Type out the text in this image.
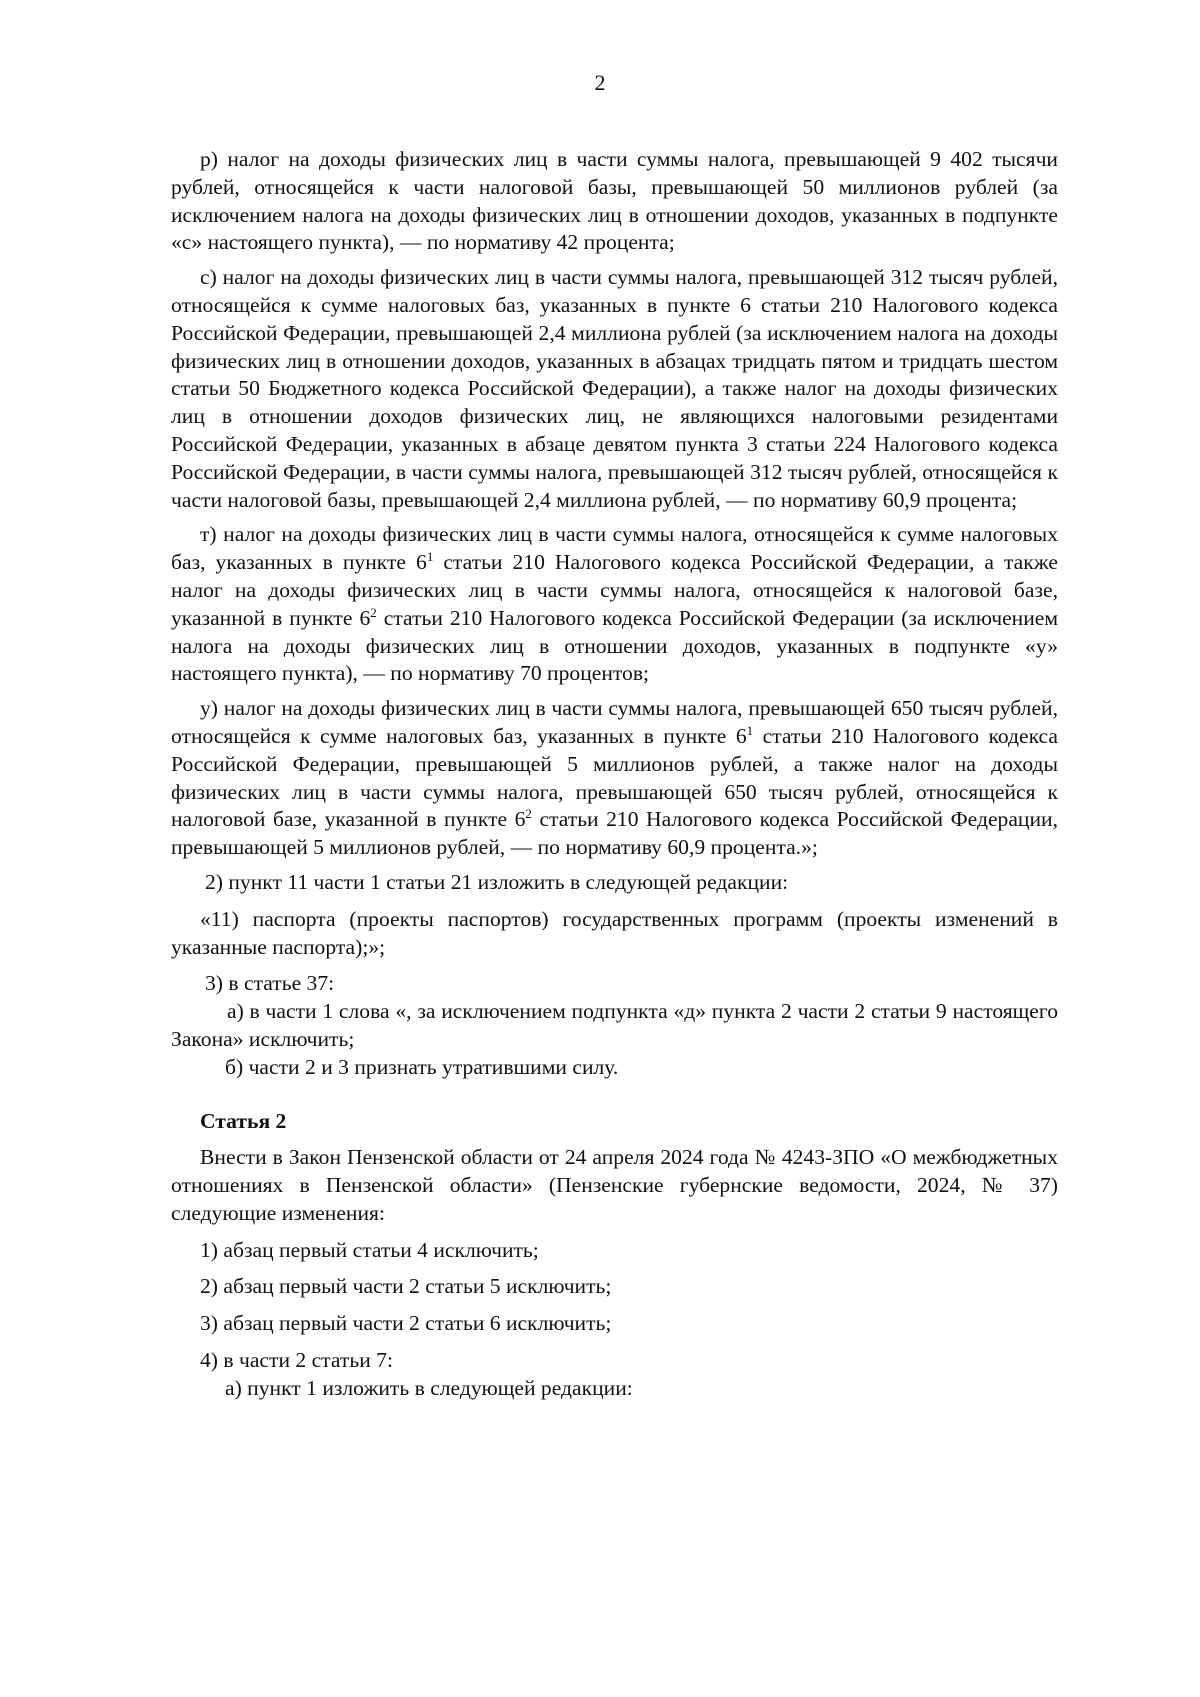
2

р) налог на доходы физических лиц в части суммы налога, превышающей 9 402 тысячи рублей, относящейся к части налоговой базы, превышающей 50 миллионов рублей (за исключением налога на доходы физических лиц в отношении доходов, указанных в подпункте «с» настоящего пункта), — по нормативу 42 процента;

с) налог на доходы физических лиц в части суммы налога, превышающей 312 тысяч рублей, относящейся к сумме налоговых баз, указанных в пункте 6 статьи 210 Налогового кодекса Российской Федерации, превышающей 2,4 миллиона рублей (за исключением налога на доходы физических лиц в отношении доходов, указанных в абзацах тридцать пятом и тридцать шестом статьи 50 Бюджетного кодекса Российской Федерации), а также налог на доходы физических лиц в отношении доходов физических лиц, не являющихся налоговыми резидентами Российской Федерации, указанных в абзаце девятом пункта 3 статьи 224 Налогового кодекса Российской Федерации, в части суммы налога, превышающей 312 тысяч рублей, относящейся к части налоговой базы, превышающей 2,4 миллиона рублей, — по нормативу 60,9 процента;

т) налог на доходы физических лиц в части суммы налога, относящейся к сумме налоговых баз, указанных в пункте $6^1$ статьи 210 Налогового кодекса Российской Федерации, а также налог на доходы физических лиц в части суммы налога, относящейся к налоговой базе, указанной в пункте $6^2$ статьи 210 Налогового кодекса Российской Федерации (за исключением налога на доходы физических лиц в отношении доходов, указанных в подпункте «у» настоящего пункта), — по нормативу 70 процентов;

у) налог на доходы физических лиц в части суммы налога, превышающей 650 тысяч рублей, относящейся к сумме налоговых баз, указанных в пункте $6^1$ статьи 210 Налогового кодекса Российской Федерации, превышающей 5 миллионов рублей, а также налог на доходы физических лиц в части суммы налога, превышающей 650 тысяч рублей, относящейся к налоговой базе, указанной в пункте $6^2$ статьи 210 Налогового кодекса Российской Федерации, превышающей 5 миллионов рублей, — по нормативу 60,9 процента.»;

2) пункт 11 части 1 статьи 21 изложить в следующей редакции:

«11) паспорта (проекты паспортов) государственных программ (проекты изменений в указанные паспорта);»;

3) в статье 37:

а) в части 1 слова «, за исключением подпункта «д» пункта 2 части 2 статьи 9 настоящего Закона» исключить;

б) части 2 и 3 признать утратившими силу.

Статья 2

Внести в Закон Пензенской области от 24 апреля 2024 года № 4243-ЗПО «О межбюджетных отношениях в Пензенской области» (Пензенские губернские ведомости, 2024, № 37) следующие изменения:

1) абзац первый статьи 4 исключить;

2) абзац первый части 2 статьи 5 исключить;

3) абзац первый части 2 статьи 6 исключить;

4) в части 2 статьи 7:

а) пункт 1 изложить в следующей редакции:
